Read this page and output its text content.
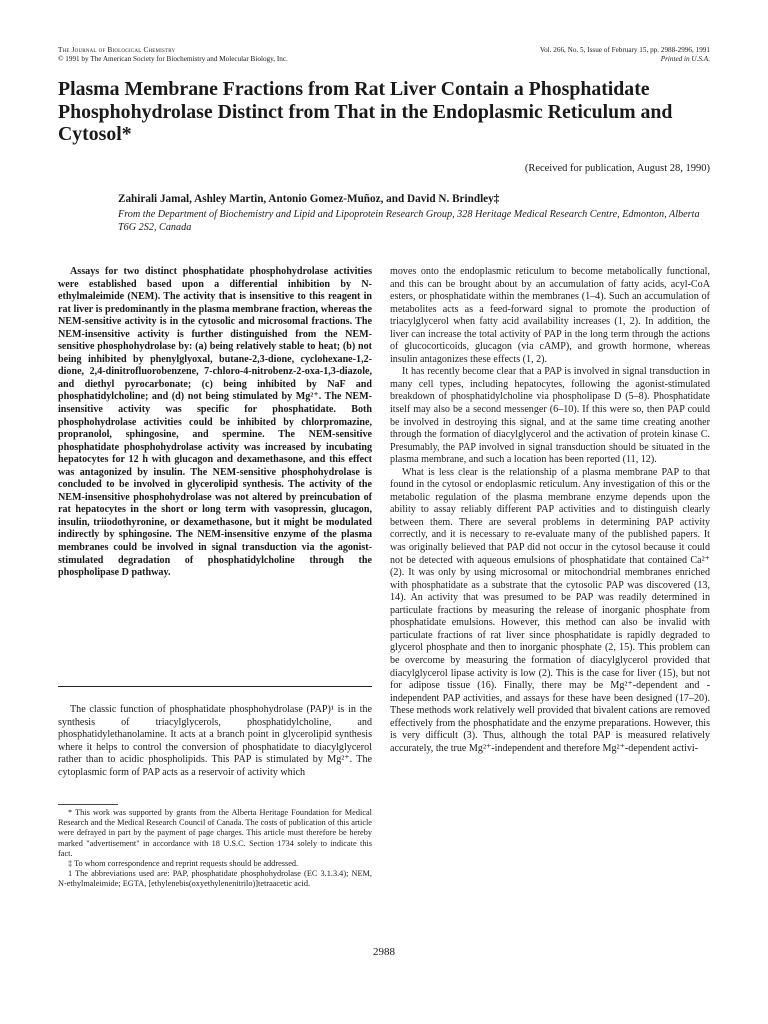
The Journal of Biological Chemistry
© 1991 by The American Society for Biochemistry and Molecular Biology, Inc.
Vol. 266, No. 5, Issue of February 15, pp. 2988-2996, 1991
Printed in U.S.A.
Plasma Membrane Fractions from Rat Liver Contain a Phosphatidate Phosphohydrolase Distinct from That in the Endoplasmic Reticulum and Cytosol*
(Received for publication, August 28, 1990)
Zahirali Jamal, Ashley Martin, Antonio Gomez-Muñoz, and David N. Brindley‡
From the Department of Biochemistry and Lipid and Lipoprotein Research Group, 328 Heritage Medical Research Centre, Edmonton, Alberta T6G 2S2, Canada

Assays for two distinct phosphatidate phosphohydrolase activities were established based upon a differential inhibition by N-ethylmaleimide (NEM). The activity that is insensitive to this reagent in rat liver is predominantly in the plasma membrane fraction, whereas the NEM-sensitive activity is in the cytosolic and microsomal fractions. The NEM-insensitive activity is further distinguished from the NEM-sensitive phosphohydrolase by: (a) being relatively stable to heat; (b) not being inhibited by phenylglyoxal, butane-2,3-dione, cyclohexane-1,2-dione, 2,4-dinitrofluorobenzene, 7-chloro-4-nitrobenz-2-oxa-1,3-diazole, and diethyl pyrocarbonate; (c) being inhibited by NaF and phosphatidylcholine; and (d) not being stimulated by Mg²⁺. The NEM-insensitive activity was specific for phosphatidate. Both phosphohydrolase activities could be inhibited by chlorpromazine, propranolol, sphingosine, and spermine. The NEM-sensitive phosphatidate phosphohydrolase activity was increased by incubating hepatocytes for 12 h with glucagon and dexamethasone, and this effect was antagonized by insulin. The NEM-sensitive phosphohydrolase is concluded to be involved in glycerolipid synthesis. The activity of the NEM-insensitive phosphohydrolase was not altered by preincubation of rat hepatocytes in the short or long term with vasopressin, glucagon, insulin, triiodothyronine, or dexamethasone, but it might be modulated indirectly by sphingosine. The NEM-insensitive enzyme of the plasma membranes could be involved in signal transduction via the agonist-stimulated degradation of phosphatidylcholine through the phospholipase D pathway.

The classic function of phosphatidate phosphohydrolase (PAP)¹ is in the synthesis of triacylglycerols, phosphatidylcholine, and phosphatidylethanolamine. It acts at a branch point in glycerolipid synthesis where it helps to control the conversion of phosphatidate to diacylglycerol rather than to acidic phospholipids. This PAP is stimulated by Mg²⁺. The cytoplasmic form of PAP acts as a reservoir of activity which

* This work was supported by grants from the Alberta Heritage Foundation for Medical Research and the Medical Research Council of Canada. The costs of publication of this article were defrayed in part by the payment of page charges. This article must therefore be hereby marked "advertisement" in accordance with 18 U.S.C. Section 1734 solely to indicate this fact.

‡ To whom correspondence and reprint requests should be addressed.

1 The abbreviations used are: PAP, phosphatidate phosphohydrolase (EC 3.1.3.4); NEM, N-ethylmaleimide; EGTA, [ethylenebis(oxyethylenenitrilo)]tetraacetic acid.

moves onto the endoplasmic reticulum to become metabolically functional, and this can be brought about by an accumulation of fatty acids, acyl-CoA esters, or phosphatidate within the membranes (1–4). Such an accumulation of metabolites acts as a feed-forward signal to promote the production of triacylglycerol when fatty acid availability increases (1, 2). In addition, the liver can increase the total activity of PAP in the long term through the actions of glucocorticoids, glucagon (via cAMP), and growth hormone, whereas insulin antagonizes these effects (1, 2).

It has recently become clear that a PAP is involved in signal transduction in many cell types, including hepatocytes, following the agonist-stimulated breakdown of phosphatidylcholine via phospholipase D (5–8). Phosphatidate itself may also be a second messenger (6–10). If this were so, then PAP could be involved in destroying this signal, and at the same time creating another through the formation of diacylglycerol and the activation of protein kinase C. Presumably, the PAP involved in signal transduction should be situated in the plasma membrane, and such a location has been reported (11, 12).

What is less clear is the relationship of a plasma membrane PAP to that found in the cytosol or endoplasmic reticulum. Any investigation of this or the metabolic regulation of the plasma membrane enzyme depends upon the ability to assay reliably different PAP activities and to distinguish clearly between them. There are several problems in determining PAP activity correctly, and it is necessary to re-evaluate many of the published papers. It was originally believed that PAP did not occur in the cytosol because it could not be detected with aqueous emulsions of phosphatidate that contained Ca²⁺ (2). It was only by using microsomal or mitochondrial membranes enriched with phosphatidate as a substrate that the cytosolic PAP was discovered (13, 14). An activity that was presumed to be PAP was readily determined in particulate fractions by measuring the release of inorganic phosphate from phosphatidate emulsions. However, this method can also be invalid with particulate fractions of rat liver since phosphatidate is rapidly degraded to glycerol phosphate and then to inorganic phosphate (2, 15). This problem can be overcome by measuring the formation of diacylglycerol provided that diacylglycerol lipase activity is low (2). This is the case for liver (15), but not for adipose tissue (16). Finally, there may be Mg²⁺-dependent and -independent PAP activities, and assays for these have been designed (17–20). These methods work relatively well provided that bivalent cations are removed effectively from the phosphatidate and the enzyme preparations. However, this is very difficult (3). Thus, although the total PAP is measured relatively accurately, the true Mg²⁺-independent and therefore Mg²⁺-dependent activi-

2988
